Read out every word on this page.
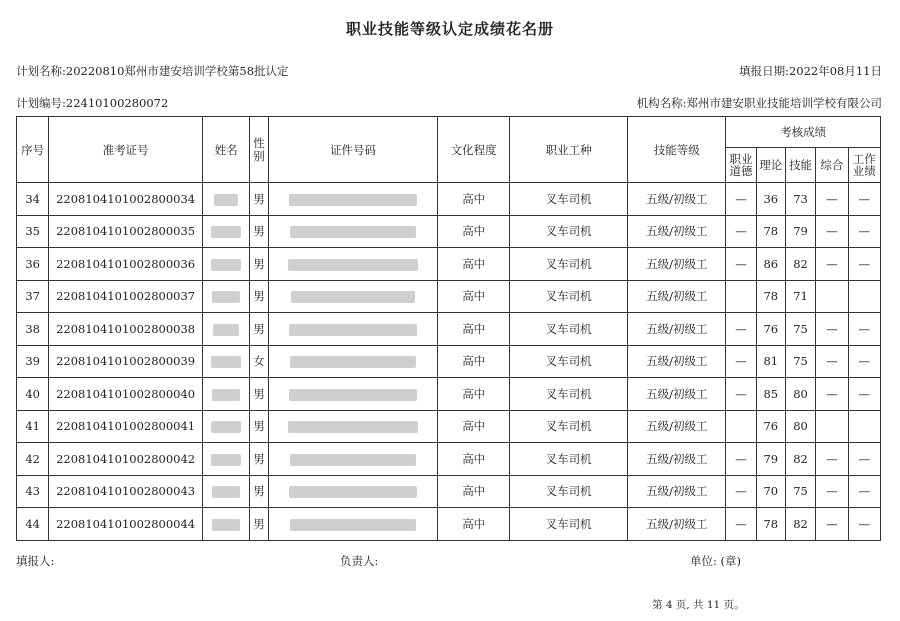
职业技能等级认定成绩花名册
计划名称:20220810郑州市建安培训学校第58批认定	填报日期:2022年08月11日
计划编号:22410100280072	机构名称:郑州市建安职业技能培训学校有限公司
序号	准考证号	姓名	性别	证件号码	文化程度	职业工种	技能等级	考核成绩				
								职业道德	理论	技能	综合	工作业绩
34	2208104101002800034		男		高中	叉车司机	五级/初级工	—	36	73	—	—
35	2208104101002800035		男		高中	叉车司机	五级/初级工	—	78	79	—	—
36	2208104101002800036		男		高中	叉车司机	五级/初级工	—	86	82	—	—
37	2208104101002800037		男		高中	叉车司机	五级/初级工		78	71		
38	2208104101002800038		男		高中	叉车司机	五级/初级工	—	76	75	—	—
39	2208104101002800039		女		高中	叉车司机	五级/初级工	—	81	75	—	—
40	2208104101002800040		男		高中	叉车司机	五级/初级工	—	85	80	—	—
41	2208104101002800041		男		高中	叉车司机	五级/初级工		76	80		
42	2208104101002800042		男		高中	叉车司机	五级/初级工	—	79	82	—	—
43	2208104101002800043		男		高中	叉车司机	五级/初级工	—	70	75	—	—
44	2208104101002800044		男		高中	叉车司机	五级/初级工	—	78	82	—	—
填报人:	负责人:	单位: (章)
第 4 页, 共 11 页。
